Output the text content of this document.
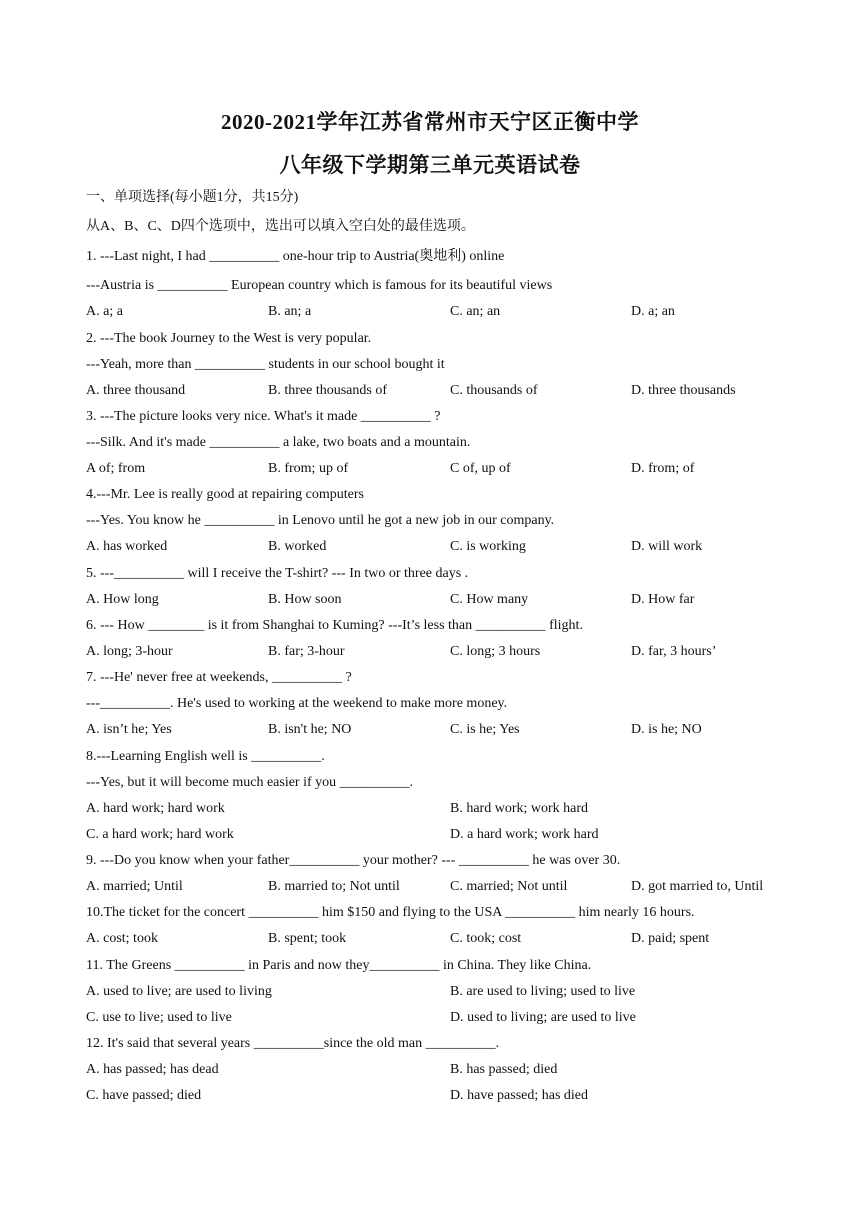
2020-2021学年江苏省常州市天宁区正衡中学
八年级下学期第三单元英语试卷
一、单项选择(每小题1分，共15分)
从A、B、C、D四个选项中，选出可以填入空白处的最佳选项。
1. ---Last night, I had __________ one-hour trip to Austria(奥地利) online
---Austria is __________ European country which is famous for its beautiful views
A. a; a	B. an; a	C. an; an	D. a; an
2. ---The book Journey to the West is very popular.
---Yeah, more than __________ students in our school bought it
A. three thousand	B. three thousands of	C. thousands of	D. three thousands
3. ---The picture looks very nice. What's it made __________ ?
---Silk. And it's made __________ a lake, two boats and a mountain.
A of; from	B. from; up of	C of, up of	D. from; of
4.---Mr. Lee is really good at repairing computers
---Yes. You know he __________ in Lenovo until he got a new job in our company.
A. has worked	B. worked	C. is working	D. will work
5. ---__________ will I receive the T-shirt? --- In two or three days .
A. How long	B. How soon	C. How many	D. How far
6. --- How ________ is it from Shanghai to Kuming? ---It’s less than __________ flight.
A. long; 3-hour	B. far; 3-hour	C. long; 3 hours	D. far, 3 hours’
7. ---He' never free at weekends, __________ ?
---__________. He's used to working at the weekend to make more money.
A. isn’t he; Yes	B. isn't he; NO	C. is he; Yes	D. is he; NO
8.---Learning English well is __________.
---Yes, but it will become much easier if you __________.
A. hard work; hard work	B. hard work; work hard
C. a hard work; hard work	D. a hard work; work hard
9. ---Do you know when your father__________ your mother? --- __________ he was over 30.
A. married; Until	B. married to; Not until	C. married; Not until	D. got married to, Until
10.The ticket for the concert __________ him $150 and flying to the USA __________ him nearly 16 hours.
A. cost; took	B. spent; took	C. took; cost	D. paid; spent
11. The Greens __________ in Paris and now they__________ in China. They like China.
A. used to live; are used to living	B. are used to living; used to live
C. use to live; used to live	D. used to living; are used to live
12. It's said that several years __________since the old man __________.
A. has passed; has dead	B. has passed; died
C. have passed; died	D. have passed; has died
